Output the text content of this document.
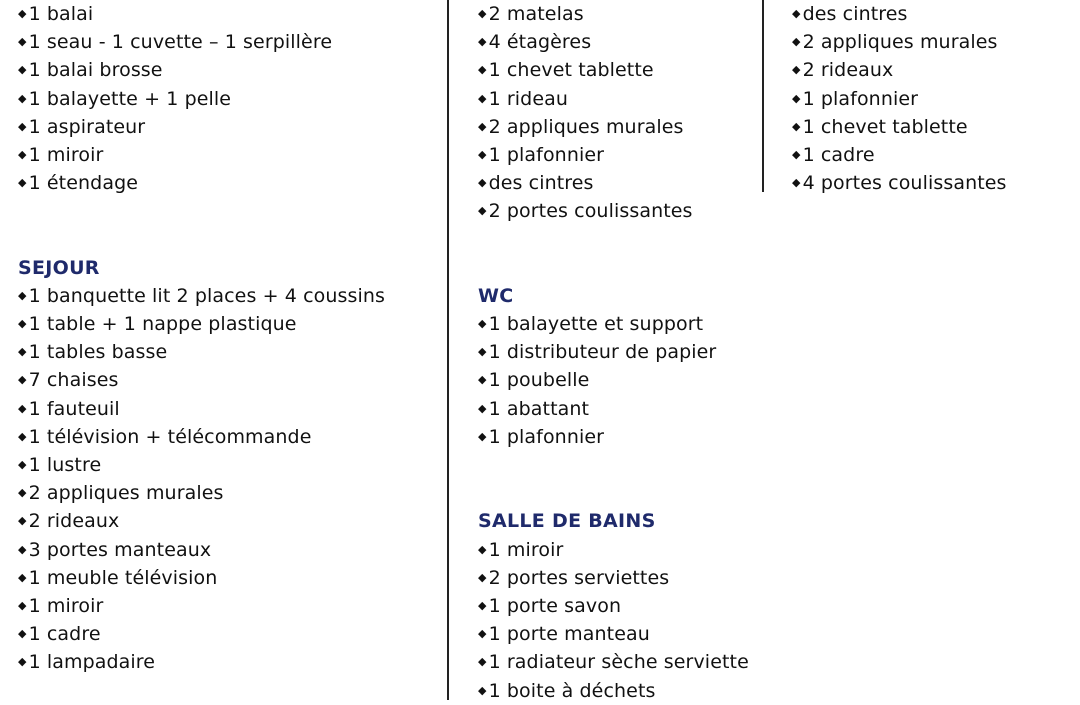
◆ 1 balai
◆ 1 seau - 1 cuvette – 1 serpillère
◆ 1 balai brosse
◆ 1 balayette + 1 pelle
◆ 1 aspirateur
◆ 1 miroir
◆ 1 étendage
SEJOUR
◆ 1 banquette lit 2 places + 4 coussins
◆ 1 table + 1 nappe plastique
◆ 1 tables basse
◆ 7 chaises
◆ 1 fauteuil
◆ 1 télévision + télécommande
◆ 1 lustre
◆ 2 appliques murales
◆ 2 rideaux
◆ 3 portes manteaux
◆ 1 meuble télévision
◆ 1 miroir
◆ 1 cadre
◆ 1 lampadaire
◆ 2 matelas
◆ 4 étagères
◆ 1 chevet tablette
◆ 1 rideau
◆ 2 appliques murales
◆ 1 plafonnier
◆ des cintres
◆ 2 portes coulissantes
WC
◆ 1 balayette et support
◆ 1 distributeur de papier
◆ 1 poubelle
◆ 1 abattant
◆ 1 plafonnier
SALLE DE BAINS
◆ 1 miroir
◆ 2 portes serviettes
◆ 1 porte savon
◆ 1 porte manteau
◆ 1 radiateur sèche serviette
◆ 1 boite à déchets
◆ des cintres
◆ 2 appliques murales
◆ 2 rideaux
◆ 1 plafonnier
◆ 1 chevet tablette
◆ 1 cadre
◆ 4 portes coulissantes
